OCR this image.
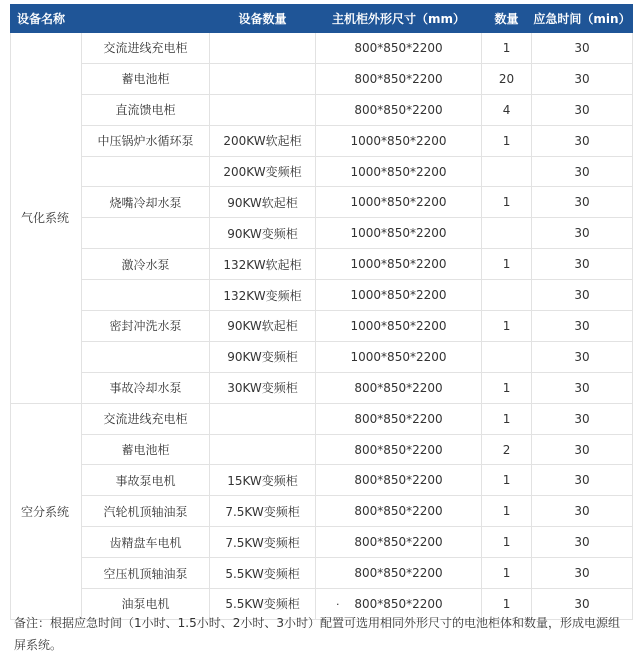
设备名称		设备数量	主机柜外形尺寸（mm）	数量	应急时间（min）
气化系统	交流进线充电柜		800*850*2200	1	30
	蓄电池柜		800*850*2200	20	30
	直流馈电柜		800*850*2200	4	30
	中压锅炉水循环泵	200KW软起柜	1000*850*2200	1	30
		200KW变频柜	1000*850*2200		30
	烧嘴冷却水泵	90KW软起柜	1000*850*2200	1	30
		90KW变频柜	1000*850*2200		30
	激冷水泵	132KW软起柜	1000*850*2200	1	30
		132KW变频柜	1000*850*2200		30
	密封冲洗水泵	90KW软起柜	1000*850*2200	1	30
		90KW变频柜	1000*850*2200		30
	事故冷却水泵	30KW变频柜	800*850*2200	1	30
空分系统	交流进线充电柜		800*850*2200	1	30
	蓄电池柜		800*850*2200	2	30
	事故泵电机	15KW变频柜	800*850*2200	1	30
	汽轮机顶轴油泵	7.5KW变频柜	800*850*2200	1	30
	齿精盘车电机	7.5KW变频柜	800*850*2200	1	30
	空压机顶轴油泵	5.5KW变频柜	800*850*2200	1	30
	油泵电机	5.5KW变频柜	· 800*850*2200	1	30

备注：根据应急时间（1小时、1.5小时、2小时、3小时）配置可选用相同外形尺寸的电池柜体和数量，形成电源组屏系统。
